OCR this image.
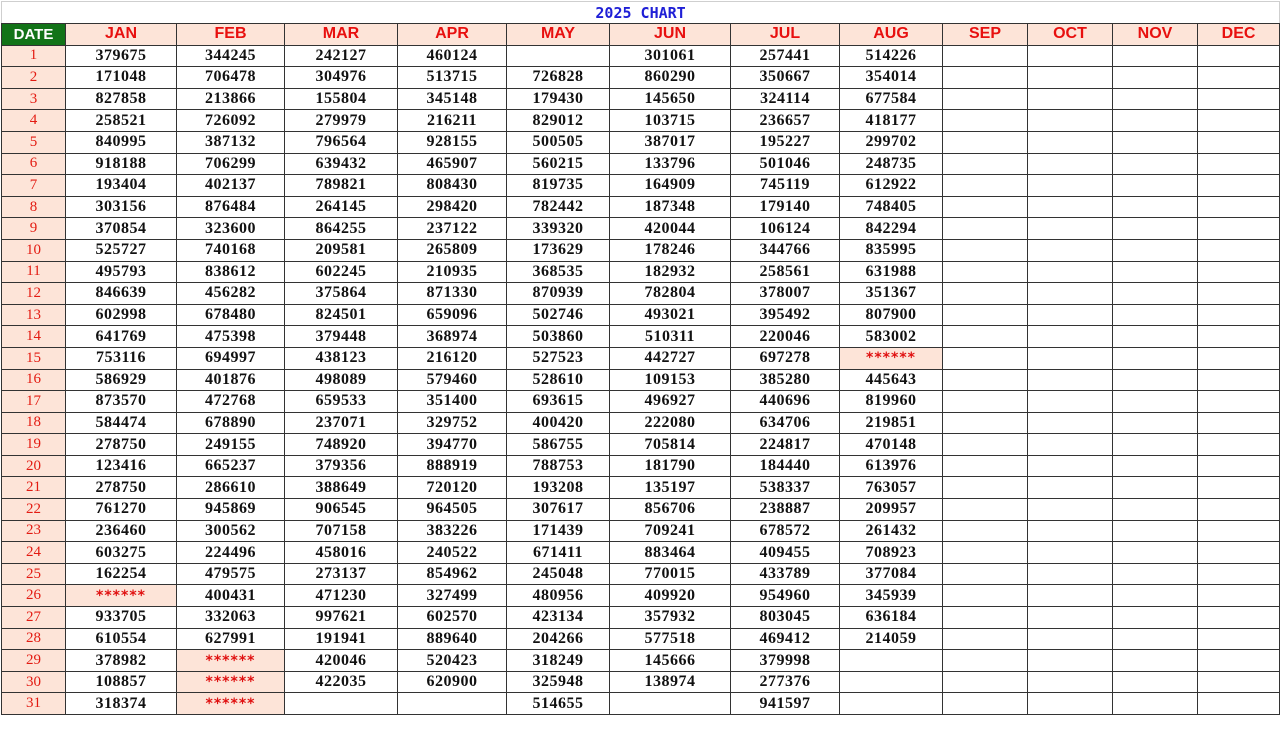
2025 CHART												
DATE	JAN	FEB	MAR	APR	MAY	JUN	JUL	AUG	SEP	OCT	NOV	DEC
1	379675	344245	242127	460124		301061	257441	514226				
2	171048	706478	304976	513715	726828	860290	350667	354014				
3	827858	213866	155804	345148	179430	145650	324114	677584				
4	258521	726092	279979	216211	829012	103715	236657	418177				
5	840995	387132	796564	928155	500505	387017	195227	299702				
6	918188	706299	639432	465907	560215	133796	501046	248735				
7	193404	402137	789821	808430	819735	164909	745119	612922				
8	303156	876484	264145	298420	782442	187348	179140	748405				
9	370854	323600	864255	237122	339320	420044	106124	842294				
10	525727	740168	209581	265809	173629	178246	344766	835995				
11	495793	838612	602245	210935	368535	182932	258561	631988				
12	846639	456282	375864	871330	870939	782804	378007	351367				
13	602998	678480	824501	659096	502746	493021	395492	807900				
14	641769	475398	379448	368974	503860	510311	220046	583002				
15	753116	694997	438123	216120	527523	442727	697278	******				
16	586929	401876	498089	579460	528610	109153	385280	445643				
17	873570	472768	659533	351400	693615	496927	440696	819960				
18	584474	678890	237071	329752	400420	222080	634706	219851				
19	278750	249155	748920	394770	586755	705814	224817	470148				
20	123416	665237	379356	888919	788753	181790	184440	613976				
21	278750	286610	388649	720120	193208	135197	538337	763057				
22	761270	945869	906545	964505	307617	856706	238887	209957				
23	236460	300562	707158	383226	171439	709241	678572	261432				
24	603275	224496	458016	240522	671411	883464	409455	708923				
25	162254	479575	273137	854962	245048	770015	433789	377084				
26	******	400431	471230	327499	480956	409920	954960	345939				
27	933705	332063	997621	602570	423134	357932	803045	636184				
28	610554	627991	191941	889640	204266	577518	469412	214059				
29	378982	******	420046	520423	318249	145666	379998					
30	108857	******	422035	620900	325948	138974	277376					
31	318374	******			514655		941597					
